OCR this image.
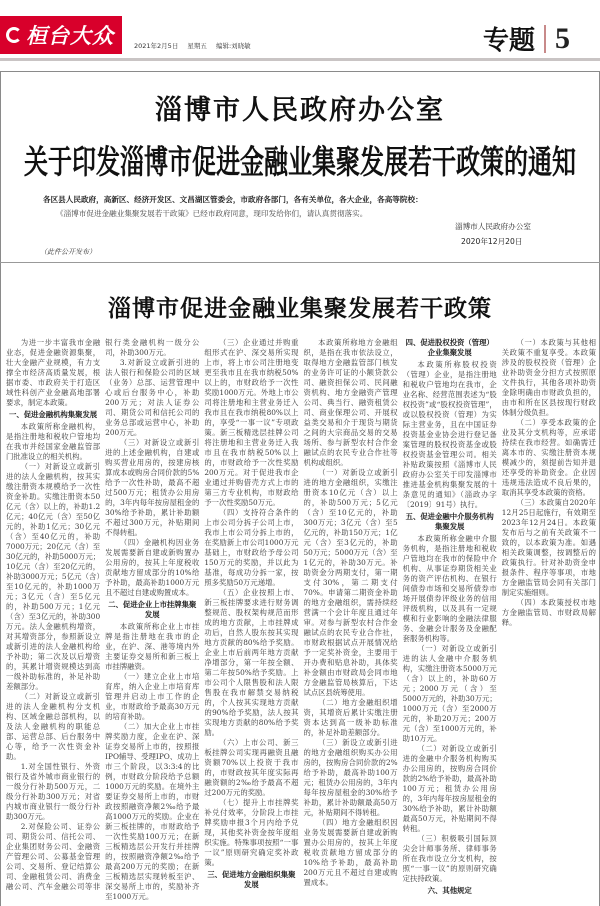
桓台大众	2021年2月5日 星期五 编辑:刘晓敏	专题 5
淄博市人民政府办公室
关于印发淄博市促进金融业集聚发展若干政策的通知
各区县人民政府，高新区、经济开发区、文昌湖区管委会，市政府各部门，各有关单位，各大企业，各高等院校：
《淄博市促进金融业集聚发展若干政策》已经市政府同意，现印发给你们，请认真贯彻落实。
淄博市人民政府办公室
2020年12月20日
（此件公开发布）
淄博市促进金融业集聚发展若干政策

为进一步丰富我市金融业态，促进金融资源集聚，壮大金融产业规模，有力支撑全市经济高质量发展，根据市委、市政府关于打造区域性科创产业金融高地部署要求，制定本政策。

一、促进金融机构集聚发展

本政策所称金融机构，是指注册地和税收户管地均在我市并经国家金融监管部门批准设立的相关机构。

（一）对新设立或新引进的法人金融机构，按其实缴注册资本规模给予一次性资金补助。实缴注册资本50亿元（含）以上的，补助1.2亿元；40亿元（含）至50亿元的，补助1亿元；30亿元（含）至40亿元的，补助7000万元；20亿元（含）至30亿元的，补助5000万元；10亿元（含）至20亿元的，补助3000万元；5亿元（含）至10亿元的，补助1000万元；3亿元（含）至5亿元的，补助500万元；1亿元（含）至3亿元的，补助300万元。法人金融机构增资，对其增资部分，参照新设立或新引进的法人金融机构给予补助；第二次及以后增资的，其累计增资规模达到高一级补助标准的，补足补助差额部分。

（二）对新设立或新引进的法人金融机构分支机构、区域金融总部机构，以及法人金融机构的职能总部、运营总部、后台服务中心等，给予一次性资金补助。

1.对全国性银行、外资银行及省外城市商业银行的一级分行补助500万元，二级分行补助300万元；对省内城市商业银行一级分行补助300万元。

2.对保险公司、证券公司、期货公司、信托公司、企业集团财务公司、金融资产管理公司、公募基金管理公司、交易所、登记结算公司、金融租赁公司、消费金融公司、汽车金融公司等非银行类金融机构一级分公司，补助300万元。

3.对新设立或新引进的法人银行和保险公司的区域（业务）总部、运营管理中心或后台服务中心，补助200万元；对法人证券公司、期货公司和信托公司的业务总部或运营中心，补助200万元。

（三）对新设立或新引进的上述金融机构，自建或购买营业用房的，按建房核算成本或购房合同价款的5%给予一次性补助，最高不超过500万元；租赁办公用房的，3年内每年按房屋租金的30%给予补助，累计补助额不超过300万元，补贴期间不得转租。

（四）金融机构因业务发展需要新自建或新购置办公用房的，按其上年度税收贡献地方留成部分的10%给予补助，最高补助1000万元且不超过自建或购置成本。

二、促进企业上市挂牌集聚发展

本政策所称企业上市挂牌是指注册地在我市的企业，在沪、深、港等境内外主要证券交易所和新三板上市挂牌融资。

（一）建立企业上市培育库，纳入企业上市培育库管理并启动上市工作的企业，市财政给予最高30万元的培育补助。

（二）加大企业上市挂牌奖励力度，企业在沪、深证券交易所上市的，按照报IPO辅导、受理IPO、成功上市三个阶段，以3:3:4的比例，市财政分阶段给予总额1000万元的奖励。在境外主要证券交易所上市的，市财政按照融资净额2‰给予最高1000万元的奖励。企业在新三板挂牌的，市财政给予一次性奖励100万元；在新三板精选层公开发行并挂牌的，按照融资净额2‰给予最高200万元的奖励；在新三板精选层实现转板至沪、深交易所上市的，奖励补齐至1000万元。

（三）企业通过并购重组形式在沪、深交易所实现上市，将上市公司注册地变更至我市且在我市纳税50%以上的，市财政给予一次性奖励1000万元。外地上市公司将注册地和主营业务迁入我市且在我市纳税80%以上的，享受“一事一议”专项政策。新三板精选层挂牌公司将注册地和主营业务迁入我市且在我市纳税50%以上的，市财政给予一次性奖励200万元。对于促进我市企业通过并购借壳方式上市的第三方专业机构，市财政给予一次性奖励50万元。

（四）支持符合条件的上市公司分拆子公司上市，我市上市公司分拆上市的，在奖励新上市公司1000万元基础上，市财政给予母公司150万元的奖励，并以此为基准，每成功分拆一家，按照多奖励50万元递增。

（五）企业按照上市、新三板挂牌要求进行财务调整规范、股权架构规范而形成的地方贡献，上市挂牌成功后，自然人股东按其实现地方贡献的80%给予奖励。企业上市后前两年地方贡献净增部分，第一年按全额、第二年按50%给予奖励。上市公司个人限售股和法人限售股在我市解禁交易纳税的，个人按其实现地方贡献的90%给予奖励，法人按其实现地方贡献的80%给予奖励。

（六）上市公司、新三板挂牌公司实现再融资且融资额70%以上投资于我市的，市财政按其年度实际再融资额的2‰给予最高不超过200万元的奖励。

（七）提升上市挂牌奖补兑付效率，分阶段上市挂牌奖励申报3个月内给予兑现，其他奖补资金按年度组织实施。特殊事项按照“一事一议”原则研究确定奖补政策。

三、促进地方金融组织集聚发展

本政策所称地方金融组织，是指在我市依法设立，取得地方金融监管部门核发的业务许可证的小额贷款公司、融资担保公司、民间融资机构、地方金融资产管理公司、典当行、融资租赁公司、商业保理公司、开展权益类交易和介于现货与期货之间的大宗商品交易的交易场所、参与新型农村合作金融试点的农民专业合作社等机构或组织。

（一）对新设立或新引进的地方金融组织，实缴注册资本10亿元（含）以上的，补助500万元；5亿元（含）至10亿元的，补助300万元；3亿元（含）至5亿元的，补助150万元；1亿元（含）至3亿元的，补助50万元；5000万元（含）至1亿元的，补助30万元。补助资金分两期支付，第一期支付30%，第二期支付70%。申请第二期资金补助的地方金融组织，需持续经营满一个会计年度且通过年审。对参与新型农村合作金融试点的农民专业合作社，市财政根据试点开展情况给予一定奖补资金，主要用于开办费和贴息补助，具体奖补金额由市财政局会同市地方金融监管局核算后，下达试点区县统筹使用。

（二）地方金融组织增资，其增资后累计实缴注册资本达到高一级补助标准的，补足补助差额部分。

（三）新设立或新引进的地方金融组织购买办公用房的，按购房合同价款的2%给予补助，最高补助100万元；租赁办公用房的，3年内每年按房屋租金的30%给予补助，累计补助额最高50万元，补贴期间不得转租。

（四）地方金融组织因业务发展需要新自建或新购置办公用房的，按其上年度税收贡献地方留成部分的10%给予补助，最高补助200万元且不超过自建或购置成本。

四、促进股权投资（管理）企业集聚发展

本政策所称股权投资（管理）企业，是指注册地和税收户管地均在我市，企业名称、经营范围表述为“股权投资”或“股权投资管理”，或以股权投资（管理）为实际主营业务，且在中国证券投资基金业协会进行登记备案管理的股权投资基金或股权投资基金管理公司。相关补贴政策按照《淄博市人民政府办公室关于印发淄博市推进基金机构集聚发展的十条意见的通知》（淄政办字〔2019〕91号）执行。

五、促进金融中介服务机构集聚发展

本政策所称金融中介服务机构，是指注册地和税收户管地均在我市的保险中介机构、从事证券期货相关业务的资产评估机构、在银行间债券市场和交易所债券市场开展债券评级业务的信用评级机构，以及具有一定规模和行业影响的金融法律服务、金融会计服务及金融配套服务机构等。

（一）对新设立或新引进的法人金融中介服务机构，实缴注册资本5000万元（含）以上的，补助60万元；2000万元（含）至5000万元的，补助30万元；1000万元（含）至2000万元的，补助20万元；200万元（含）至1000万元的，补助10万元。

（二）对新设立或新引进的金融中介服务机构购买办公用房的，按购房合同价款的2%给予补助，最高补助100万元；租赁办公用房的，3年内每年按房屋租金的30%给予补助，累计补助额最高50万元，补贴期间不得转租。

（三）积极吸引国际顶尖会计师事务所、律师事务所在我市设立分支机构，按照“一事一议”的原则研究确定扶持政策。

六、其他规定

（一）本政策与其他相关政策不重复享受。本政策涉及的股权投资（管理）企业补助资金分担方式按照原文件执行，其他各项补助资金除明确由市财政负担的，由市和所在区县按现行财政体制分级负担。

（二）享受本政策的企业及其分支机构等，应承诺持续在我市经营。如确需迁离本市的、实缴注册资本规模减少的，须提前告知并退还享受的补助资金。企业因违规违法造成不良后果的，取消其享受本政策的资格。

（三）本政策自2020年12月25日起施行，有效期至2023年12月24日。本政策发布后与之前有关政策不一致的，以本政策为准。如遇相关政策调整，按调整后的政策执行。针对补助资金申报条件、程序等事项，市地方金融监管局会同有关部门制定实施细则。

（四）本政策授权市地方金融监管局、市财政局解释。
